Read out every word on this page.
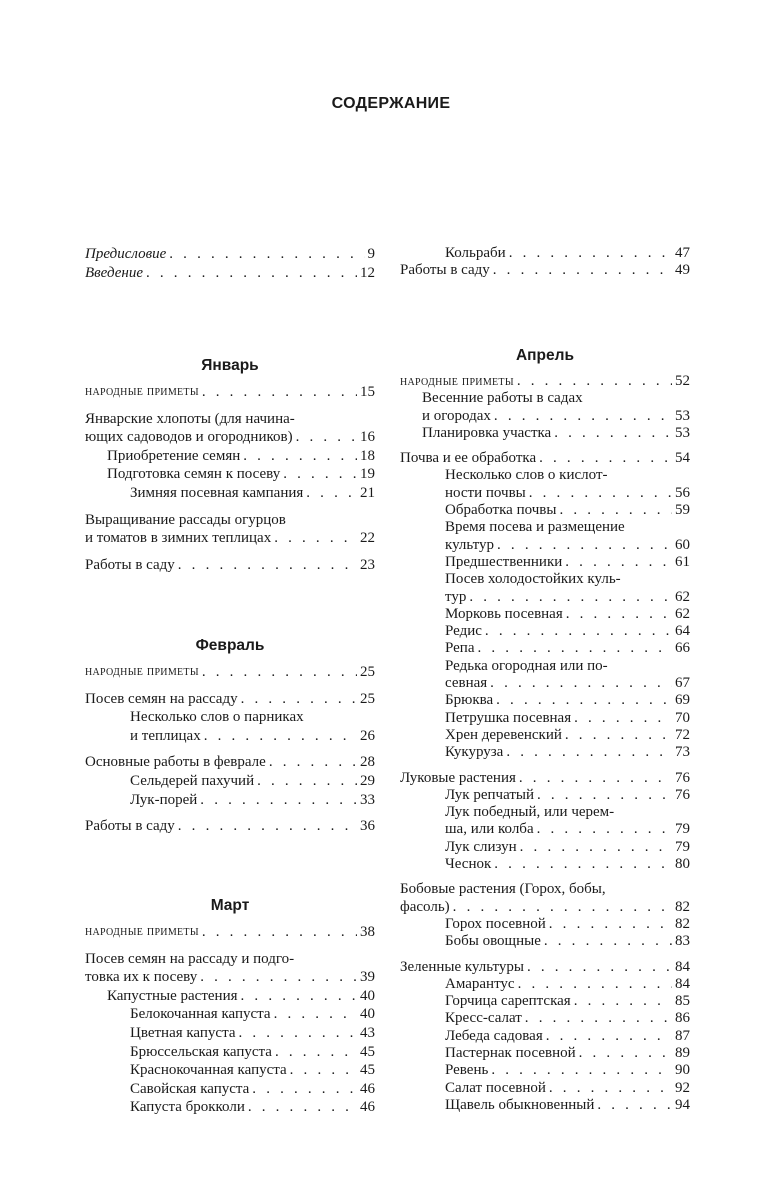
СОДЕРЖАНИЕ
Предисловие . . .	9
Введение . . .	12
Январь
народные приметы . . .	15
Январские хлопоты (для начина-
ющих садоводов и огородников) . . .	16
Приобретение семян . . .	18
Подготовка семян к посеву . . .	19
Зимняя посевная кампания . . .	21
Выращивание рассады огурцов
и томатов в зимних теплицах . . .	22
Работы в саду . . .	23
Февраль
народные приметы . . .	25
Посев семян на рассаду . . .	25
Несколько слов о парниках
и теплицах . . .	26
Основные работы в феврале . . .	28
Сельдерей пахучий . . .	29
Лук-порей . . .	33
Работы в саду . . .	36
Март
народные приметы . . .	38
Посев семян на рассаду и подго-
товка их к посеву . . .	39
Капустные растения . . .	40
Белокочанная капуста . . .	40
Цветная капуста . . .	43
Брюссельская капуста . . .	45
Краснокочанная капуста . . .	45
Савойская капуста . . .	46
Капуста брокколи . . .	46
Кольраби . . .	47
Работы в саду . . .	49
Апрель
народные приметы . . .	52
Весенние работы в садах
и огородах . . .	53
Планировка участка . . .	53
Почва и ее обработка . . .	54
Несколько слов о кислот-
ности почвы . . .	56
Обработка почвы . . .	59
Время посева и размещение
культур . . .	60
Предшественники . . .	61
Посев холодостойких куль-
тур . . .	62
Морковь посевная . . .	62
Редис . . .	64
Репа . . .	66
Редька огородная или по-
севная . . .	67
Брюква . . .	69
Петрушка посевная . . .	70
Хрен деревенский . . .	72
Кукуруза . . .	73
Луковые растения . . .	76
Лук репчатый . . .	76
Лук победный, или черем-
ша, или колба . . .	79
Лук слизун . . .	79
Чеснок . . .	80
Бобовые растения (Горох, бобы,
фасоль) . . .	82
Горох посевной . . .	82
Бобы овощные . . .	83
Зеленные культуры . . .	84
Амарантус . . .	84
Горчица сарептская . . .	85
Кресс-салат . . .	86
Лебеда садовая . . .	87
Пастернак посевной . . .	89
Ревень . . .	90
Салат посевной . . .	92
Щавель обыкновенный . . .	94
